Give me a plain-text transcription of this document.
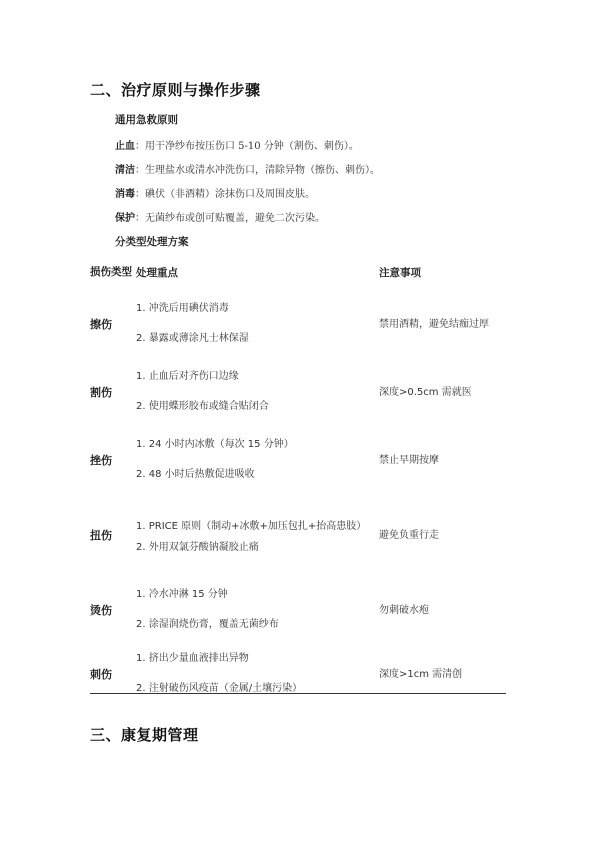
二、治疗原则与操作步骤
通用急救原则
止血：用干净纱布按压伤口 5-10 分钟（割伤、刺伤）。
清洁：生理盐水或清水冲洗伤口，清除异物（擦伤、刺伤）。
消毒：碘伏（非酒精）涂抹伤口及周围皮肤。
保护：无菌纱布或创可贴覆盖，避免二次污染。
分类型处理方案
损伤类型	处理重点	注意事项
擦伤	1. 冲洗后用碘伏消毒
2. 暴露或薄涂凡士林保湿	禁用酒精，避免结痂过厚
割伤	1. 止血后对齐伤口边缘
2. 使用蝶形胶布或缝合贴闭合	深度>0.5cm 需就医
挫伤	1. 24 小时内冰敷（每次 15 分钟）
2. 48 小时后热敷促进吸收	禁止早期按摩
扭伤	1. PRICE 原则（制动+冰敷+加压包扎+抬高患肢）
2. 外用双氯芬酸钠凝胶止痛	避免负重行走
烫伤	1. 冷水冲淋 15 分钟
2. 涂湿润烧伤膏，覆盖无菌纱布	勿刺破水疱
刺伤	1. 挤出少量血液排出异物
2. 注射破伤风疫苗（金属/土壤污染）	深度>1cm 需清创
三、康复期管理
